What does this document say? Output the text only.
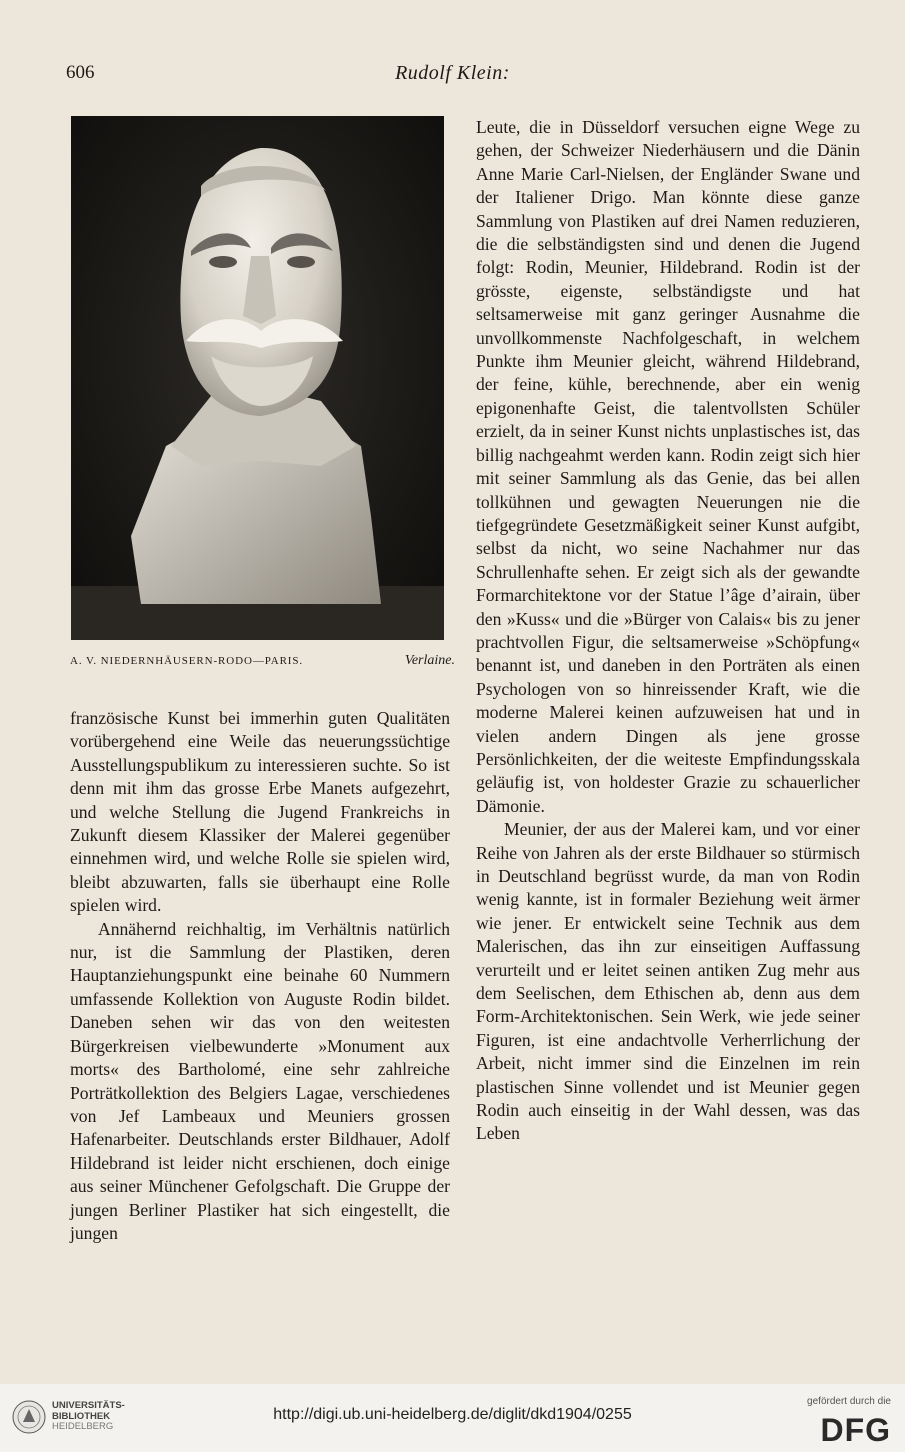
606	Rudolf Klein:
A. V. NIEDERNHÄUSERN-RODO—PARIS.	Verlaine.

französische Kunst bei immerhin guten Qualitäten vorübergehend eine Weile das neuerungssüchtige Ausstellungspublikum zu interessieren suchte. So ist denn mit ihm das grosse Erbe Manets aufgezehrt, und welche Stellung die Jugend Frankreichs in Zukunft diesem Klassiker der Malerei gegenüber einnehmen wird, und welche Rolle sie spielen wird, bleibt abzuwarten, falls sie überhaupt eine Rolle spielen wird.

Annähernd reichhaltig, im Verhältnis natürlich nur, ist die Sammlung der Plastiken, deren Hauptanziehungspunkt eine beinahe 60 Nummern umfassende Kollektion von Auguste Rodin bildet. Daneben sehen wir das von den weitesten Bürgerkreisen vielbewunderte »Monument aux morts« des Bartholomé, eine sehr zahlreiche Porträtkollektion des Belgiers Lagae, verschiedenes von Jef Lambeaux und Meuniers grossen Hafenarbeiter. Deutschlands erster Bildhauer, Adolf Hildebrand ist leider nicht erschienen, doch einige aus seiner Münchener Gefolgschaft. Die Gruppe der jungen Berliner Plastiker hat sich eingestellt, die jungen

Leute, die in Düsseldorf versuchen eigne Wege zu gehen, der Schweizer Niederhäusern und die Dänin Anne Marie Carl-Nielsen, der Engländer Swane und der Italiener Drigo. Man könnte diese ganze Sammlung von Plastiken auf drei Namen reduzieren, die die selbständigsten sind und denen die Jugend folgt: Rodin, Meunier, Hildebrand. Rodin ist der grösste, eigenste, selbständigste und hat seltsamerweise mit ganz geringer Ausnahme die unvollkommenste Nachfolgeschaft, in welchem Punkte ihm Meunier gleicht, während Hildebrand, der feine, kühle, berechnende, aber ein wenig epigonenhafte Geist, die talentvollsten Schüler erzielt, da in seiner Kunst nichts unplastisches ist, das billig nachgeahmt werden kann. Rodin zeigt sich hier mit seiner Sammlung als das Genie, das bei allen tollkühnen und gewagten Neuerungen nie die tiefgegründete Gesetzmäßigkeit seiner Kunst aufgibt, selbst da nicht, wo seine Nachahmer nur das Schrullenhafte sehen. Er zeigt sich als der gewandte Formarchitektone vor der Statue l’âge d’airain, über den »Kuss« und die »Bürger von Calais« bis zu jener prachtvollen Figur, die seltsamerweise »Schöpfung« benannt ist, und daneben in den Porträten als einen Psychologen von so hinreissender Kraft, wie die moderne Malerei keinen aufzuweisen hat und in vielen andern Dingen als jene grosse Persönlichkeiten, der die weiteste Empfindungsskala geläufig ist, von holdester Grazie zu schauerlicher Dämonie.

Meunier, der aus der Malerei kam, und vor einer Reihe von Jahren als der erste Bildhauer so stürmisch in Deutschland begrüsst wurde, da man von Rodin wenig kannte, ist in formaler Beziehung weit ärmer wie jener. Er entwickelt seine Technik aus dem Malerischen, das ihn zur einseitigen Auffassung verurteilt und er leitet seinen antiken Zug mehr aus dem Seelischen, dem Ethischen ab, denn aus dem Form-Architektonischen. Sein Werk, wie jede seiner Figuren, ist eine andachtvolle Verherrlichung der Arbeit, nicht immer sind die Einzelnen im rein plastischen Sinne vollendet und ist Meunier gegen Rodin auch einseitig in der Wahl dessen, was das Leben

UNIVERSITÄTS-
BIBLIOTHEK
HEIDELBERG
http://digi.ub.uni-heidelberg.de/diglit/dkd1904/0255
gefördert durch die
DFG
